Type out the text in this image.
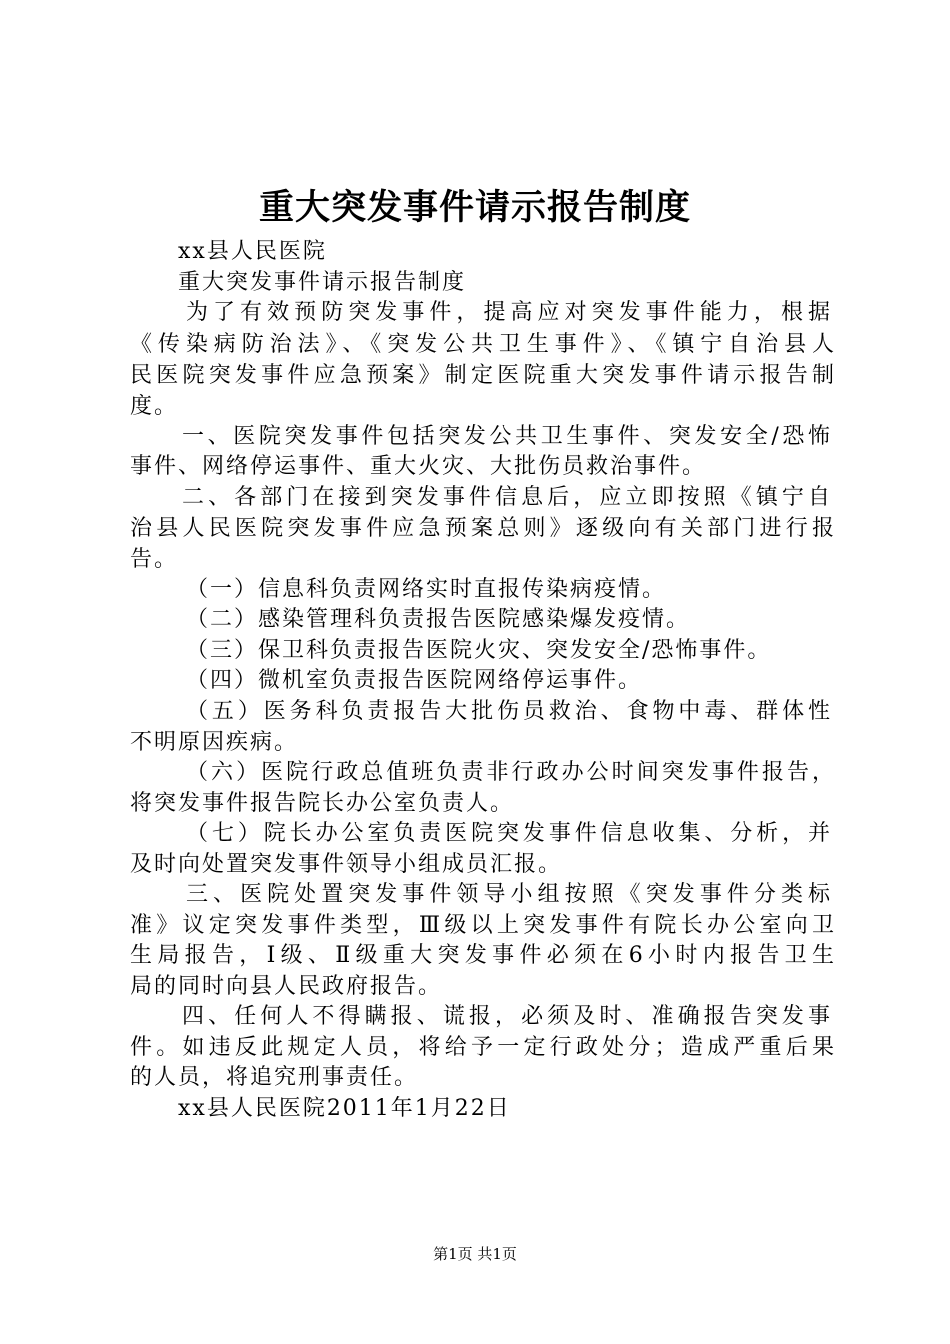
重大突发事件请示报告制度
xx县人民医院
重大突发事件请示报告制度
为了有效预防突发事件，提高应对突发事件能力，根据
《传染病防治法》、《突发公共卫生事件》、《镇宁自治县人
民医院突发事件应急预案》制定医院重大突发事件请示报告制
度。
一、医院突发事件包括突发公共卫生事件、突发安全/恐怖
事件、网络停运事件、重大火灾、大批伤员救治事件。
二、各部门在接到突发事件信息后，应立即按照《镇宁自
治县人民医院突发事件应急预案总则》逐级向有关部门进行报
告。
（一）信息科负责网络实时直报传染病疫情。
（二）感染管理科负责报告医院感染爆发疫情。
（三）保卫科负责报告医院火灾、突发安全/恐怖事件。
（四）微机室负责报告医院网络停运事件。
（五）医务科负责报告大批伤员救治、食物中毒、群体性
不明原因疾病。
（六）医院行政总值班负责非行政办公时间突发事件报告，
将突发事件报告院长办公室负责人。
（七）院长办公室负责医院突发事件信息收集、分析，并
及时向处置突发事件领导小组成员汇报。
三、医院处置突发事件领导小组按照《突发事件分类标
准》议定突发事件类型，Ⅲ级以上突发事件有院长办公室向卫
生局报告，Ⅰ级、Ⅱ级重大突发事件必须在6小时内报告卫生
局的同时向县人民政府报告。
四、任何人不得瞒报、谎报，必须及时、准确报告突发事
件。如违反此规定人员，将给予一定行政处分；造成严重后果
的人员，将追究刑事责任。
xx县人民医院2011年1月22日
第1页 共1页
